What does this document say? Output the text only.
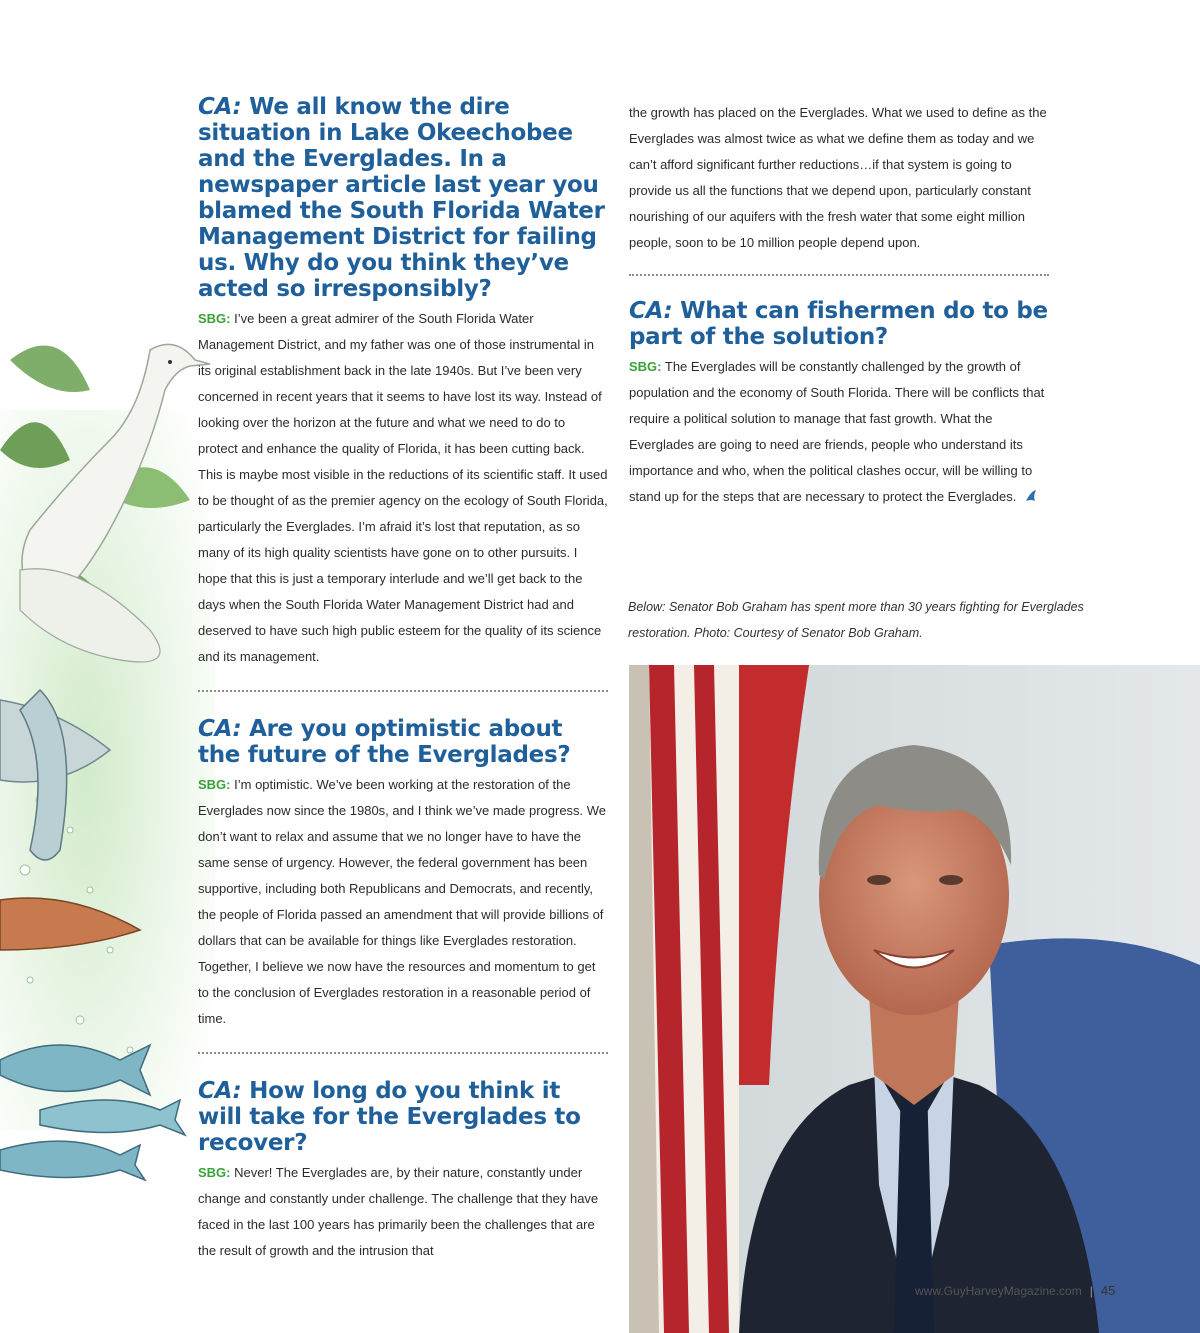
CA: We all know the dire situation in Lake Okeechobee and the Everglades. In a newspaper article last year you blamed the South Florida Water Management District for failing us. Why do you think they’ve acted so irresponsibly?

SBG: I’ve been a great admirer of the South Florida Water Management District, and my father was one of those instrumental in its original establishment back in the late 1940s. But I’ve been very concerned in recent years that it seems to have lost its way. Instead of looking over the horizon at the future and what we need to do to protect and enhance the quality of Florida, it has been cutting back. This is maybe most visible in the reductions of its scientific staff. It used to be thought of as the premier agency on the ecology of South Florida, particularly the Everglades. I’m afraid it’s lost that reputation, as so many of its high quality scientists have gone on to other pursuits. I hope that this is just a temporary interlude and we’ll get back to the days when the South Florida Water Management District had and deserved to have such high public esteem for the quality of its science and its management.

CA: Are you optimistic about the future of the Everglades?

SBG: I’m optimistic. We’ve been working at the restoration of the Everglades now since the 1980s, and I think we’ve made progress. We don’t want to relax and assume that we no longer have to have the same sense of urgency. However, the federal government has been supportive, including both Republicans and Democrats, and recently, the people of Florida passed an amendment that will provide billions of dollars that can be available for things like Everglades restoration. Together, I believe we now have the resources and momentum to get to the conclusion of Everglades restoration in a reasonable period of time.

CA: How long do you think it will take for the Everglades to recover?

SBG: Never! The Everglades are, by their nature, constantly under change and constantly under challenge. The challenge that they have faced in the last 100 years has primarily been the challenges that are the result of growth and the intrusion that

the growth has placed on the Everglades. What we used to define as the Everglades was almost twice as what we define them as today and we can’t afford significant further reductions…if that system is going to provide us all the functions that we depend upon, particularly constant nourishing of our aquifers with the fresh water that some eight million people, soon to be 10 million people depend upon.

CA: What can fishermen do to be part of the solution?

SBG: The Everglades will be constantly challenged by the growth of population and the economy of South Florida. There will be conflicts that require a political solution to manage that fast growth. What the Everglades are going to need are friends, people who understand its importance and who, when the political clashes occur, will be willing to stand up for the steps that are necessary to protect the Everglades.

Below: Senator Bob Graham has spent more than 30 years fighting for Everglades restoration. Photo: Courtesy of Senator Bob Graham.
www.GuyHarveyMagazine.com | 45
